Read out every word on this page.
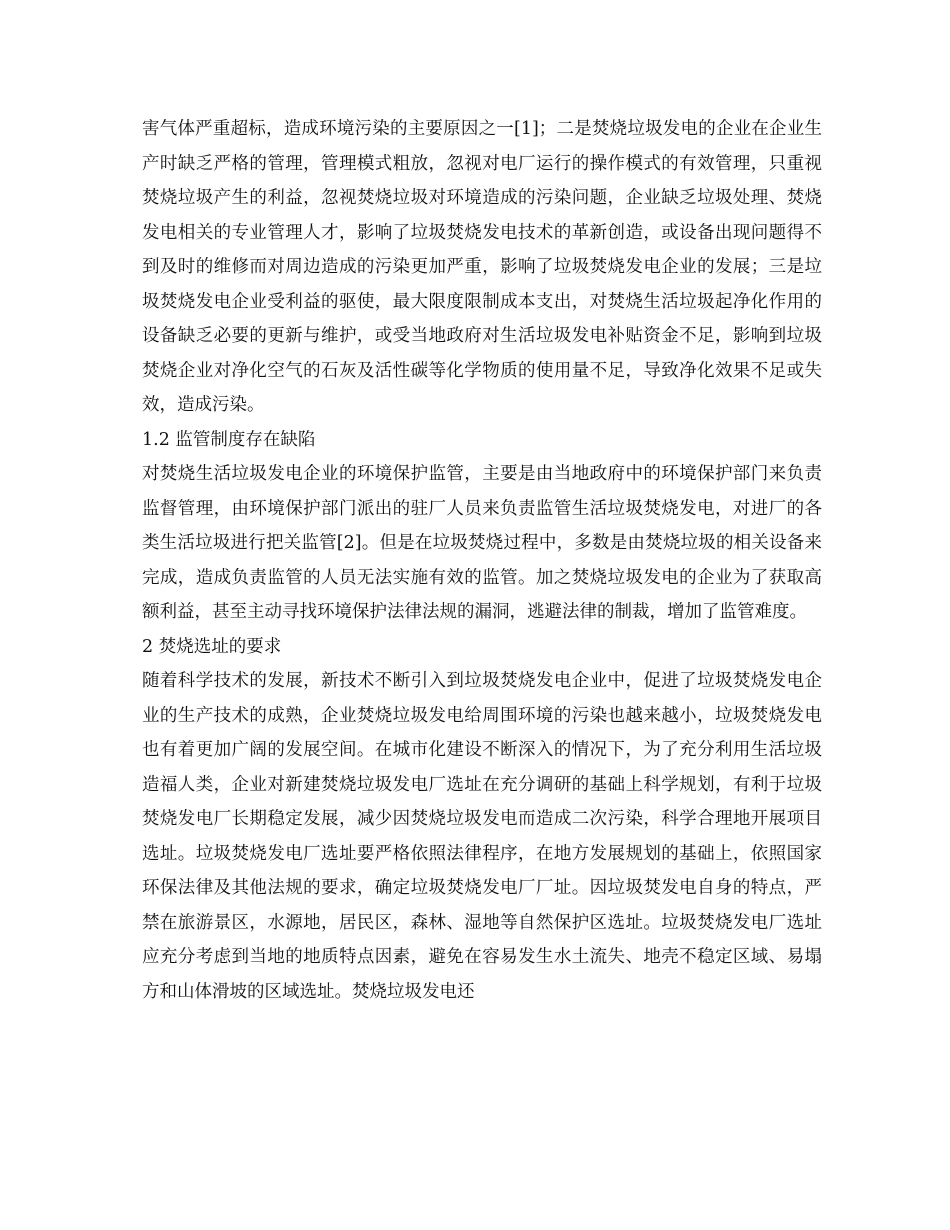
害气体严重超标，造成环境污染的主要原因之一[1]；二是焚烧垃圾发电的企业在企业生产时缺乏严格的管理，管理模式粗放，忽视对电厂运行的操作模式的有效管理，只重视焚烧垃圾产生的利益，忽视焚烧垃圾对环境造成的污染问题，企业缺乏垃圾处理、焚烧发电相关的专业管理人才，影响了垃圾焚烧发电技术的革新创造，或设备出现问题得不到及时的维修而对周边造成的污染更加严重，影响了垃圾焚烧发电企业的发展；三是垃圾焚烧发电企业受利益的驱使，最大限度限制成本支出，对焚烧生活垃圾起净化作用的设备缺乏必要的更新与维护，或受当地政府对生活垃圾发电补贴资金不足，影响到垃圾焚烧企业对净化空气的石灰及活性碳等化学物质的使用量不足，导致净化效果不足或失效，造成污染。

1.2 监管制度存在缺陷

对焚烧生活垃圾发电企业的环境保护监管，主要是由当地政府中的环境保护部门来负责监督管理，由环境保护部门派出的驻厂人员来负责监管生活垃圾焚烧发电，对进厂的各类生活垃圾进行把关监管[2]。但是在垃圾焚烧过程中，多数是由焚烧垃圾的相关设备来完成，造成负责监管的人员无法实施有效的监管。加之焚烧垃圾发电的企业为了获取高额利益，甚至主动寻找环境保护法律法规的漏洞，逃避法律的制裁，增加了监管难度。

2 焚烧选址的要求

随着科学技术的发展，新技术不断引入到垃圾焚烧发电企业中，促进了垃圾焚烧发电企业的生产技术的成熟，企业焚烧垃圾发电给周围环境的污染也越来越小，垃圾焚烧发电也有着更加广阔的发展空间。在城市化建设不断深入的情况下，为了充分利用生活垃圾造福人类，企业对新建焚烧垃圾发电厂选址在充分调研的基础上科学规划，有利于垃圾焚烧发电厂长期稳定发展，减少因焚烧垃圾发电而造成二次污染，科学合理地开展项目选址。垃圾焚烧发电厂选址要严格依照法律程序，在地方发展规划的基础上，依照国家环保法律及其他法规的要求，确定垃圾焚烧发电厂厂址。因垃圾焚发电自身的特点，严禁在旅游景区，水源地，居民区，森林、湿地等自然保护区选址。垃圾焚烧发电厂选址应充分考虑到当地的地质特点因素，避免在容易发生水土流失、地壳不稳定区域、易塌方和山体滑坡的区域选址。焚烧垃圾发电还
